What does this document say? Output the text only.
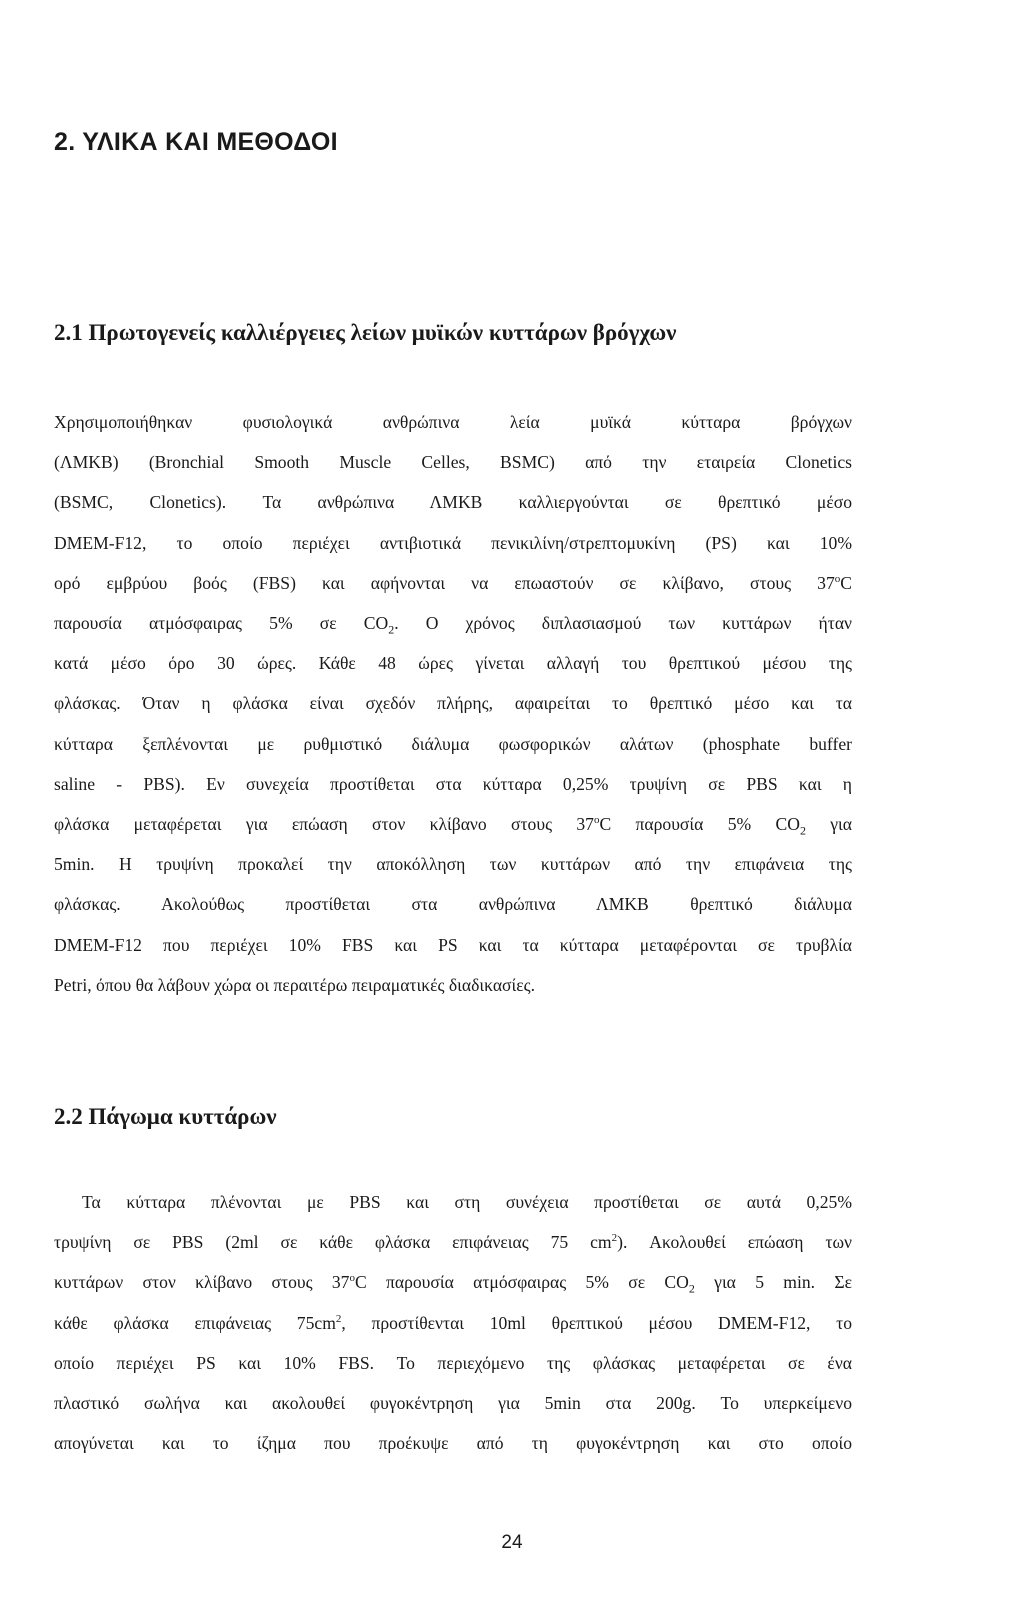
2. ΥΛΙΚΑ ΚΑΙ ΜΕΘΟΔΟΙ
2.1 Πρωτογενείς καλλιέργειες λείων μυϊκών κυττάρων βρόγχων
Χρησιμοποιήθηκαν φυσιολογικά ανθρώπινα λεία μυϊκά κύτταρα βρόγχων
(ΛΜΚΒ) (Bronchial Smooth Muscle Celles, BSMC) από την εταιρεία Clonetics
(BSMC, Clonetics). Τα ανθρώπινα ΛΜΚΒ καλλιεργούνται σε θρεπτικό μέσο
DMEM-F12, το οποίο περιέχει αντιβιοτικά πενικιλίνη/στρεπτομυκίνη (PS) και 10%
ορό εμβρύου βοός (FBS) και αφήνονται να επωαστούν σε κλίβανο, στους 37$^o$C
παρουσία ατμόσφαιρας 5% σε $CO_2$. Ο χρόνος διπλασιασμού των κυττάρων ήταν
κατά μέσο όρο 30 ώρες. Κάθε 48 ώρες γίνεται αλλαγή του θρεπτικού μέσου της
φλάσκας. Όταν η φλάσκα είναι σχεδόν πλήρης, αφαιρείται το θρεπτικό μέσο και τα
κύτταρα ξεπλένονται με ρυθμιστικό διάλυμα φωσφορικών αλάτων (phosphate buffer
saline - PBS). Εν συνεχεία προστίθεται στα κύτταρα 0,25% τρυψίνη σε PBS και η
φλάσκα μεταφέρεται για επώαση στον κλίβανο στους 37$^o$C παρουσία 5% $CO_2$ για
5min. Η τρυψίνη προκαλεί την αποκόλληση των κυττάρων από την επιφάνεια της
φλάσκας. Ακολούθως προστίθεται στα ανθρώπινα ΛΜΚΒ θρεπτικό διάλυμα
DMEM-F12 που περιέχει 10% FBS και PS και τα κύτταρα μεταφέρονται σε τρυβλία
Petri, όπου θα λάβουν χώρα οι περαιτέρω πειραματικές διαδικασίες.
2.2 Πάγωμα κυττάρων
Τα κύτταρα πλένονται με PBS και στη συνέχεια προστίθεται σε αυτά 0,25%
τρυψίνη σε PBS (2ml σε κάθε φλάσκα επιφάνειας 75 $cm^2$). Ακολουθεί επώαση των
κυττάρων στον κλίβανο στους 37$^o$C παρουσία ατμόσφαιρας 5% σε $CO_2$ για 5 min. Σε
κάθε φλάσκα επιφάνειας $75cm^2$, προστίθενται 10ml θρεπτικού μέσου DMEM-F12, το
οποίο περιέχει PS και 10% FBS. Το περιεχόμενο της φλάσκας μεταφέρεται σε ένα
πλαστικό σωλήνα και ακολουθεί φυγοκέντρηση για 5min στα 200g. Το υπερκείμενο
απογύνεται και το ίζημα που προέκυψε από τη φυγοκέντρηση και στο οποίο
24
